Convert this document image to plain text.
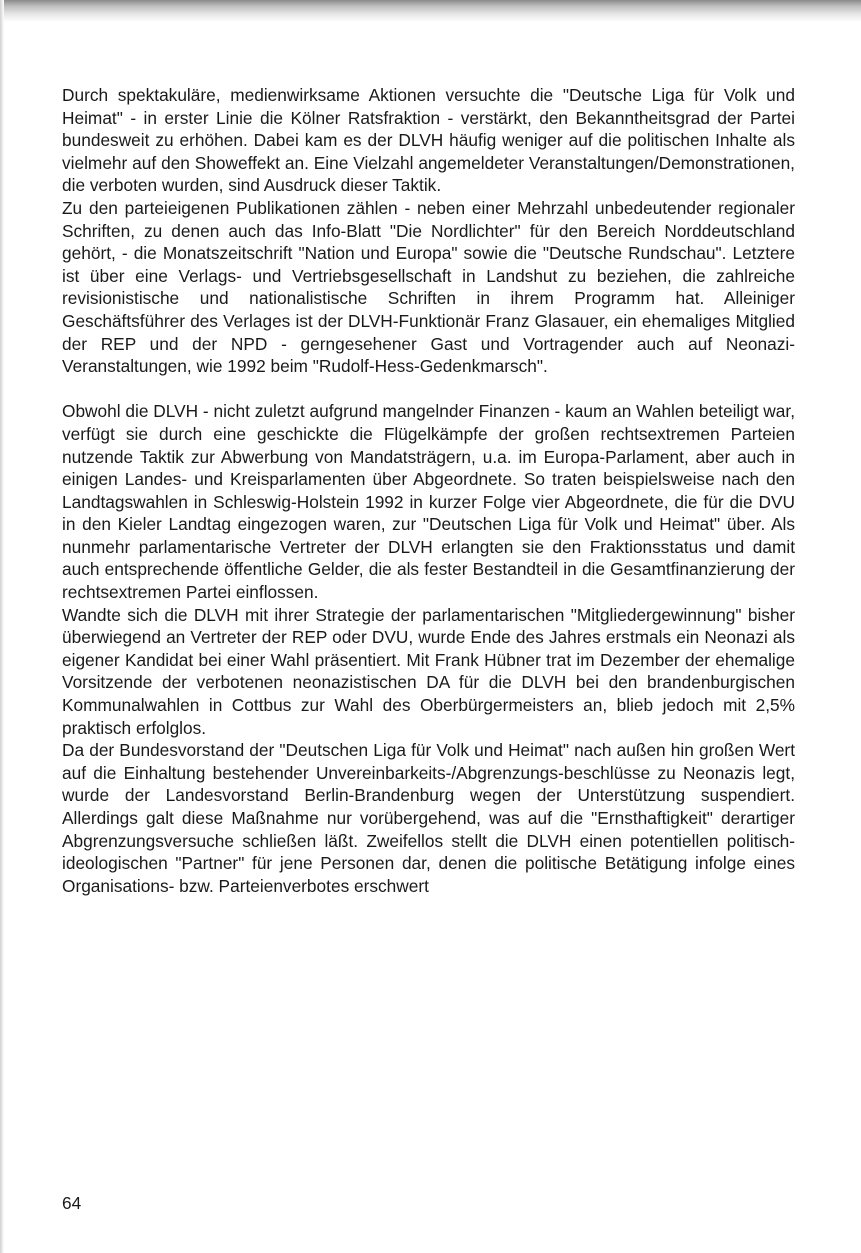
Durch spektakuläre, medienwirksame Aktionen versuchte die "Deutsche Liga für Volk und Heimat" - in erster Linie die Kölner Ratsfraktion - verstärkt, den Bekanntheitsgrad der Partei bundesweit zu erhöhen. Dabei kam es der DLVH häufig weniger auf die politischen Inhalte als vielmehr auf den Showeffekt an. Eine Vielzahl angemeldeter Veranstaltungen/Demonstrationen, die verboten wurden, sind Ausdruck dieser Taktik.

Zu den parteieigenen Publikationen zählen - neben einer Mehrzahl unbedeutender regionaler Schriften, zu denen auch das Info-Blatt "Die Nordlichter" für den Bereich Norddeutschland gehört, - die Monatszeitschrift "Nation und Europa" sowie die "Deutsche Rundschau". Letztere ist über eine Verlags- und Vertriebsgesellschaft in Landshut zu beziehen, die zahlreiche revisionistische und nationalistische Schriften in ihrem Programm hat. Alleiniger Geschäftsführer des Verlages ist der DLVH-Funktionär Franz Glasauer, ein ehemaliges Mitglied der REP und der NPD - gerngesehener Gast und Vortragender auch auf Neonazi-Veranstaltungen, wie 1992 beim "Rudolf-Hess-Gedenkmarsch".

Obwohl die DLVH - nicht zuletzt aufgrund mangelnder Finanzen - kaum an Wahlen beteiligt war, verfügt sie durch eine geschickte die Flügelkämpfe der großen rechtsextremen Parteien nutzende Taktik zur Abwerbung von Mandatsträgern, u.a. im Europa-Parlament, aber auch in einigen Landes- und Kreisparlamenten über Abgeordnete. So traten beispielsweise nach den Landtagswahlen in Schleswig-Holstein 1992 in kurzer Folge vier Abgeordnete, die für die DVU in den Kieler Landtag eingezogen waren, zur "Deutschen Liga für Volk und Heimat" über. Als nunmehr parlamentarische Vertreter der DLVH erlangten sie den Fraktionsstatus und damit auch entsprechende öffentliche Gelder, die als fester Bestandteil in die Gesamtfinanzierung der rechtsextremen Partei einflossen.

Wandte sich die DLVH mit ihrer Strategie der parlamentarischen "Mitgliedergewinnung" bisher überwiegend an Vertreter der REP oder DVU, wurde Ende des Jahres erstmals ein Neonazi als eigener Kandidat bei einer Wahl präsentiert. Mit Frank Hübner trat im Dezember der ehemalige Vorsitzende der verbotenen neonazistischen DA für die DLVH bei den brandenburgischen Kommunalwahlen in Cottbus zur Wahl des Oberbürgermeisters an, blieb jedoch mit 2,5% praktisch erfolglos.

Da der Bundesvorstand der "Deutschen Liga für Volk und Heimat" nach außen hin großen Wert auf die Einhaltung bestehender Unvereinbarkeits-/Abgrenzungs-beschlüsse zu Neonazis legt, wurde der Landesvorstand Berlin-Brandenburg wegen der Unterstützung suspendiert. Allerdings galt diese Maßnahme nur vorübergehend, was auf die "Ernsthaftigkeit" derartiger Abgrenzungsversuche schließen läßt. Zweifellos stellt die DLVH einen potentiellen politisch-ideologischen "Partner" für jene Personen dar, denen die politische Betätigung infolge eines Organisations- bzw. Parteienverbotes erschwert

64
